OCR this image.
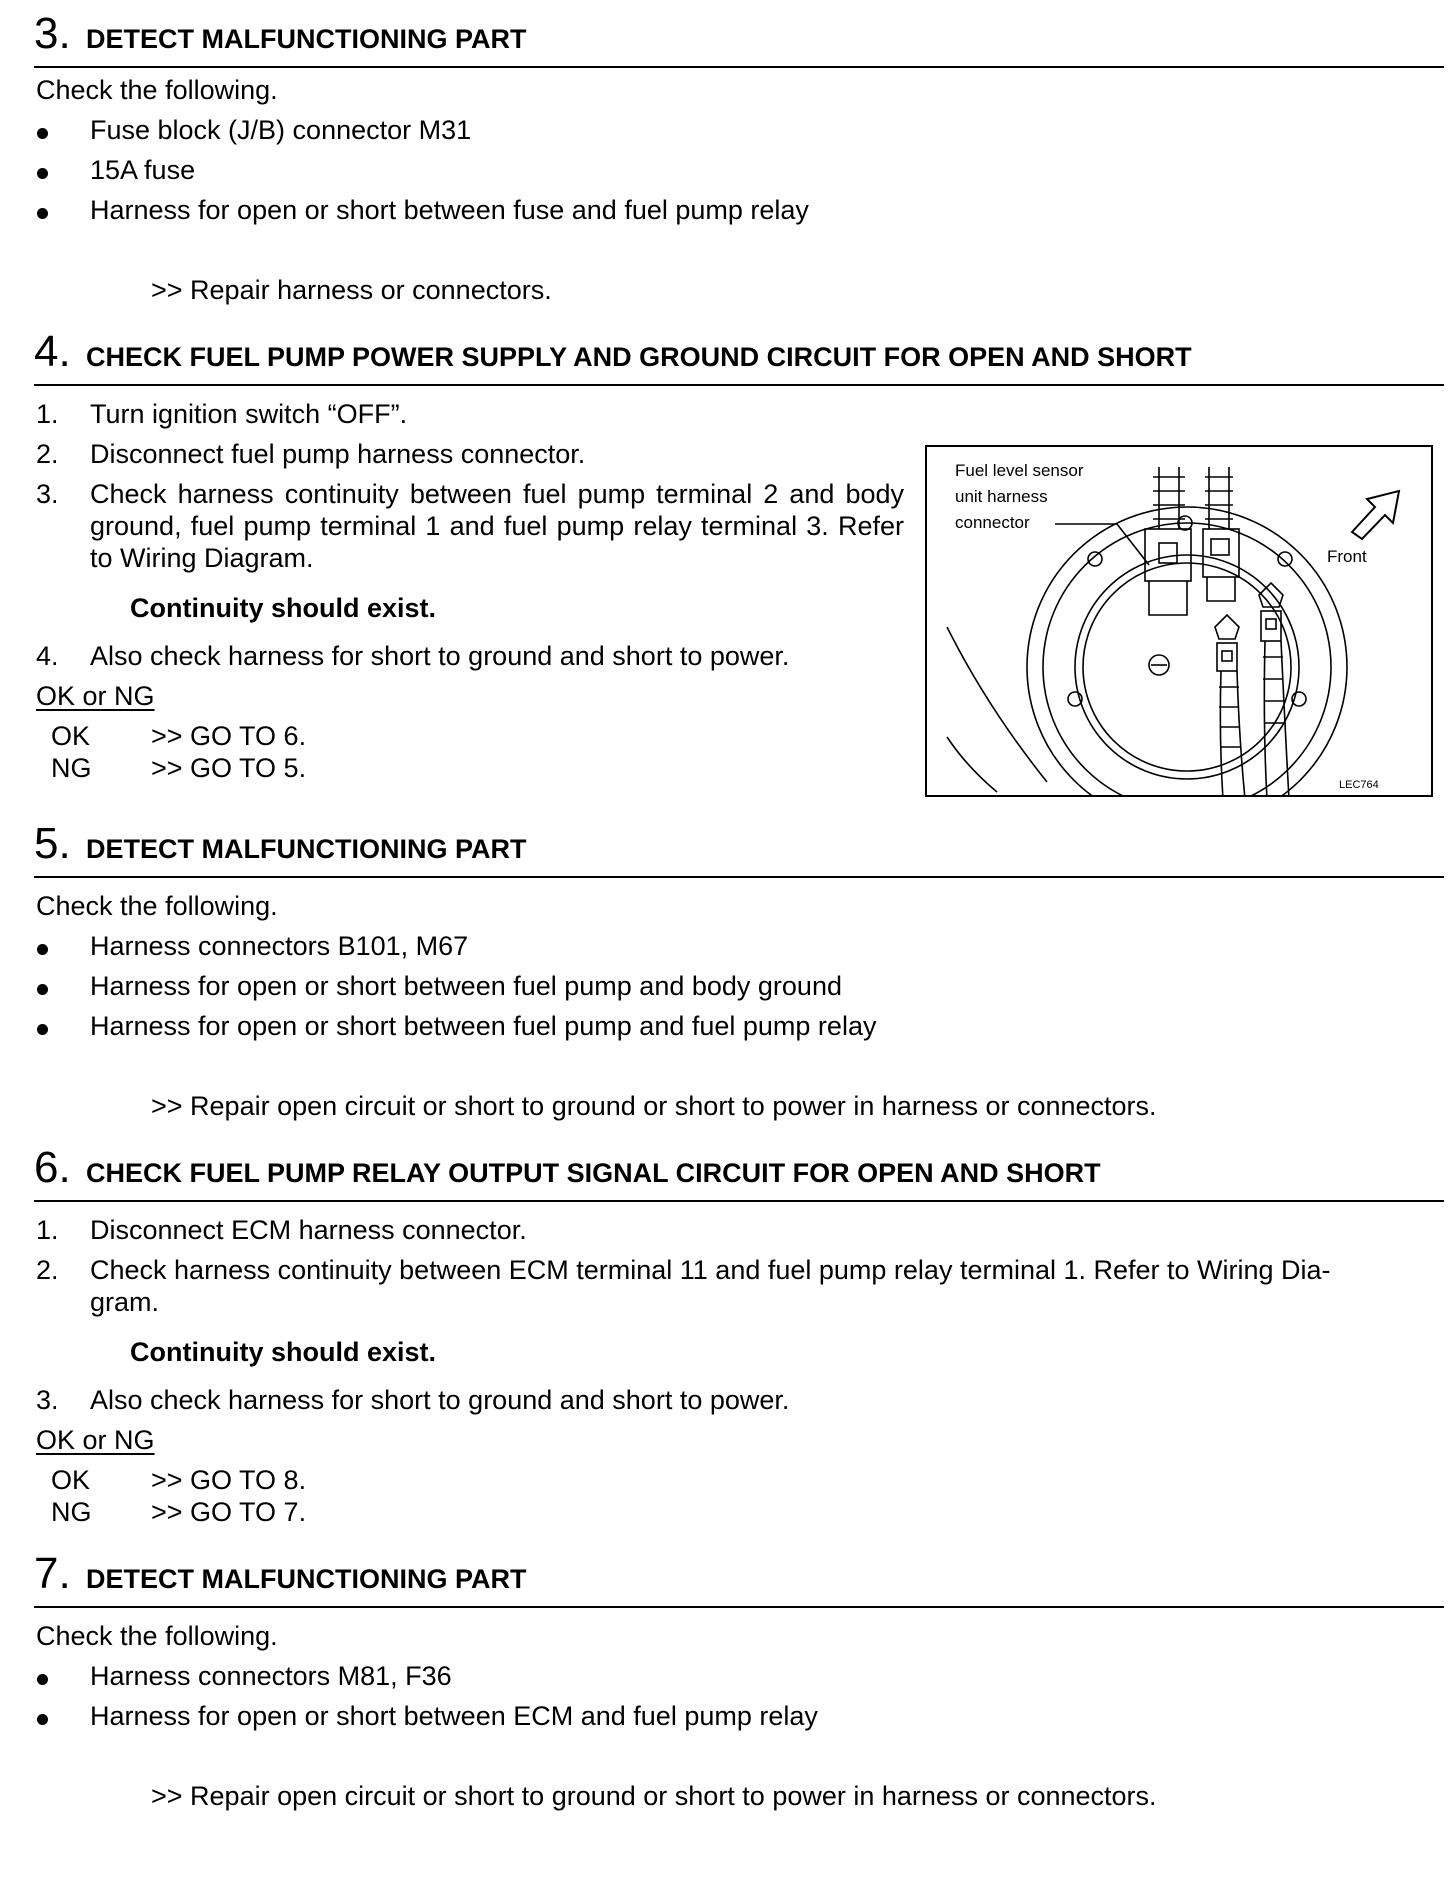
3. DETECT MALFUNCTIONING PART
Check the following.
Fuse block (J/B) connector M31
15A fuse
Harness for open or short between fuse and fuel pump relay
>> Repair harness or connectors.
4. CHECK FUEL PUMP POWER SUPPLY AND GROUND CIRCUIT FOR OPEN AND SHORT
1. Turn ignition switch “OFF”.
2. Disconnect fuel pump harness connector.
3. Check harness continuity between fuel pump terminal 2 and body ground, fuel pump terminal 1 and fuel pump relay terminal 3. Refer to Wiring Diagram.
Continuity should exist.
4. Also check harness for short to ground and short to power.
OK or NG
OK >> GO TO 6.
NG >> GO TO 5.
Fuel level sensor
unit harness
connector
Front
LEC764
5. DETECT MALFUNCTIONING PART
Check the following.
Harness connectors B101, M67
Harness for open or short between fuel pump and body ground
Harness for open or short between fuel pump and fuel pump relay
>> Repair open circuit or short to ground or short to power in harness or connectors.
6. CHECK FUEL PUMP RELAY OUTPUT SIGNAL CIRCUIT FOR OPEN AND SHORT
1. Disconnect ECM harness connector.
2. Check harness continuity between ECM terminal 11 and fuel pump relay terminal 1. Refer to Wiring Dia-
gram.
Continuity should exist.
3. Also check harness for short to ground and short to power.
OK or NG
OK >> GO TO 8.
NG >> GO TO 7.
7. DETECT MALFUNCTIONING PART
Check the following.
Harness connectors M81, F36
Harness for open or short between ECM and fuel pump relay
>> Repair open circuit or short to ground or short to power in harness or connectors.
